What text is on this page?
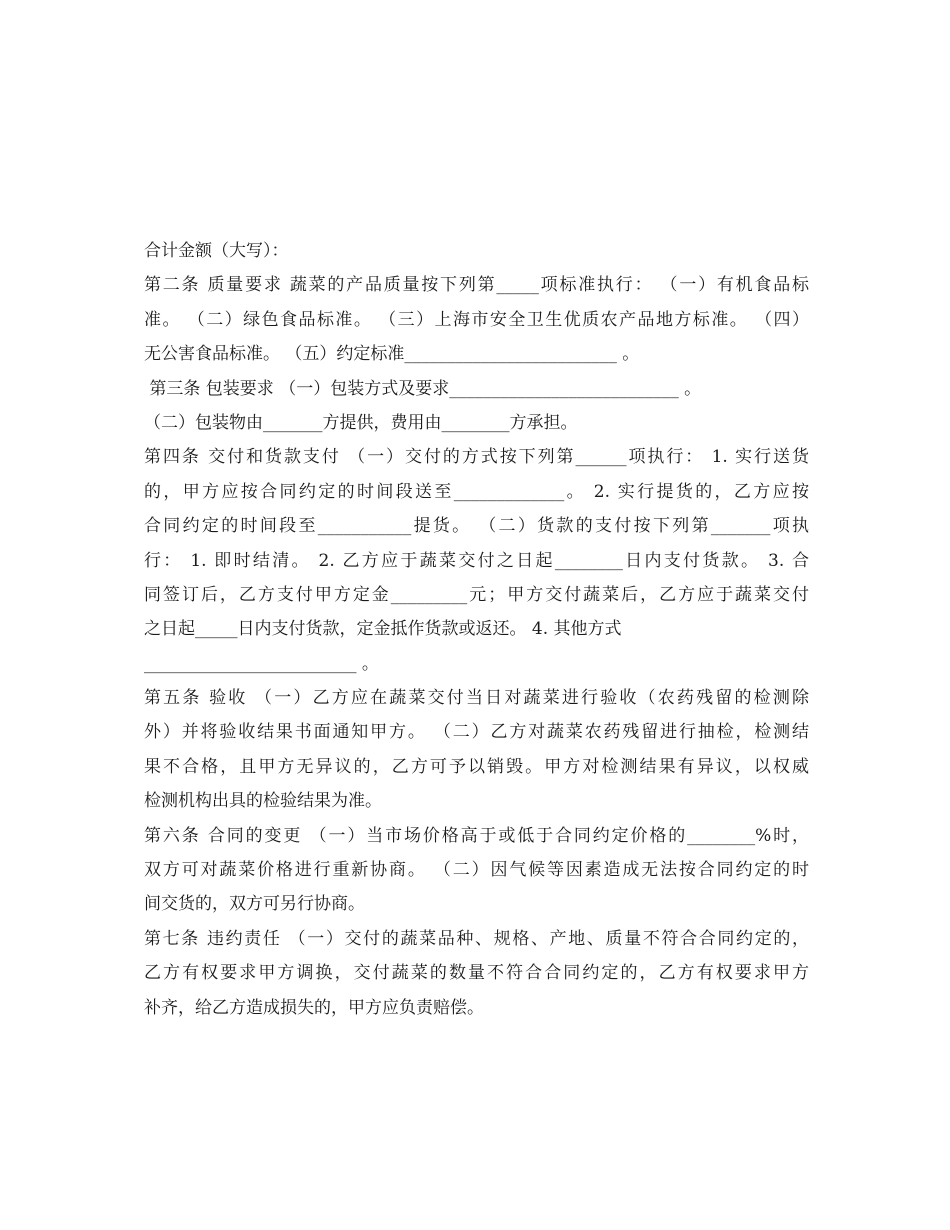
合计金额（大写）：
第二条 质量要求 蔬菜的产品质量按下列第_____项标准执行： （一）有机食品标
准。 （二）绿色食品标准。 （三）上海市安全卫生优质农产品地方标准。 （四）
无公害食品标准。 （五）约定标准_________________________ 。
第三条 包装要求 （一）包装方式及要求___________________________ 。
（二）包装物由_______方提供，费用由________方承担。
第四条 交付和货款支付 （一）交付的方式按下列第______项执行： 1. 实行送货
的，甲方应按合同约定的时间段送至_____________。 2. 实行提货的，乙方应按
合同约定的时间段至___________提货。 （二）货款的支付按下列第_______项执
行： 1. 即时结清。 2. 乙方应于蔬菜交付之日起________日内支付货款。 3. 合
同签订后，乙方支付甲方定金_________元；甲方交付蔬菜后，乙方应于蔬菜交付
之日起_____日内支付货款，定金抵作货款或返还。 4. 其他方式
_________________________ 。
第五条 验收 （一）乙方应在蔬菜交付当日对蔬菜进行验收（农药残留的检测除
外）并将验收结果书面通知甲方。 （二）乙方对蔬菜农药残留进行抽检，检测结
果不合格，且甲方无异议的，乙方可予以销毁。甲方对检测结果有异议，以权威
检测机构出具的检验结果为准。
第六条 合同的变更 （一）当市场价格高于或低于合同约定价格的________%时，
双方可对蔬菜价格进行重新协商。 （二）因气候等因素造成无法按合同约定的时
间交货的，双方可另行协商。
第七条 违约责任 （一）交付的蔬菜品种、规格、产地、质量不符合合同约定的，
乙方有权要求甲方调换，交付蔬菜的数量不符合合同约定的，乙方有权要求甲方
补齐，给乙方造成损失的，甲方应负责赔偿。
